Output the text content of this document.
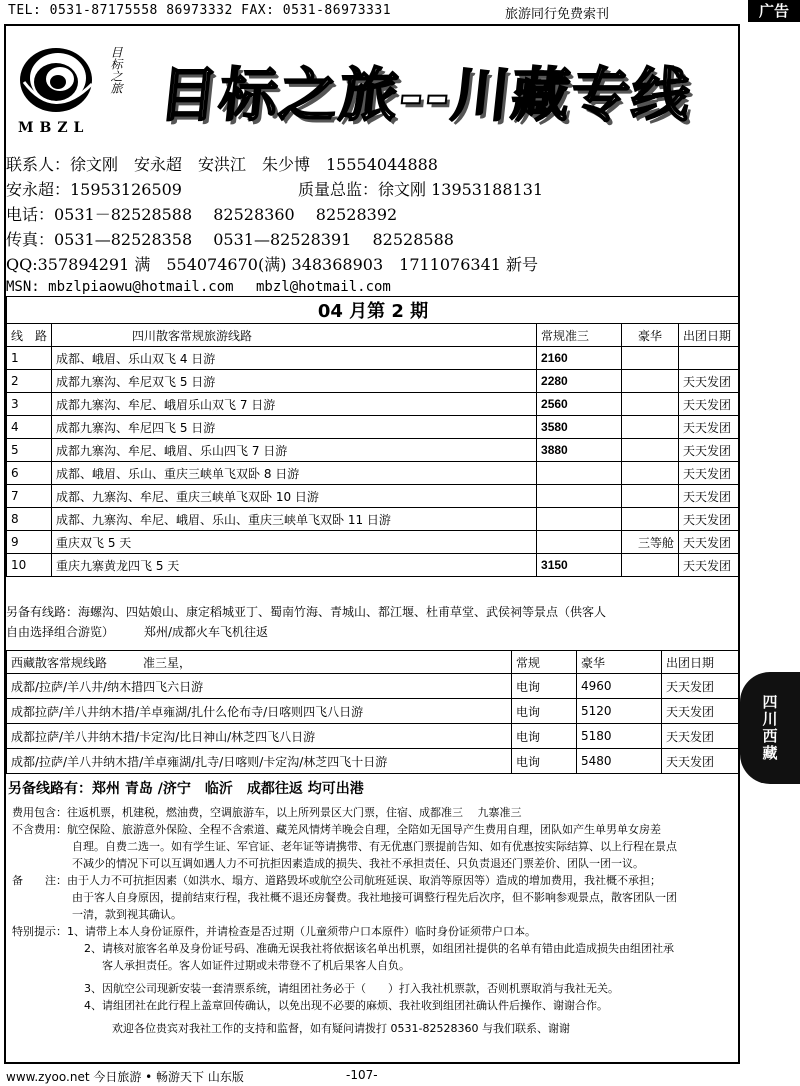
TEL: 0531-87175558 86973332 FAX: 0531-86973331	旅游同行免费索刊	广告
MBZL
目标之旅 目标之旅--川藏专线
联系人：徐文刚　安永超　安洪江　朱少博　15554044888
安永超：15953126509	质量总监：徐文刚 13953188131
电话：0531－82528588　 82528360　 82528392
传真：0531—82528358　 0531—82528391　 82528588
QQ:357894291 满　554074670(满) 348368903　1711076341 新号
MSN: mbzlpiaowu@hotmail.com　 mbzl@hotmail.com
04 月第 2 期				
线　路	四川散客常规旅游线路	常规准三	豪华	出团日期
1	成都、峨眉、乐山双飞 4 日游	2160		
2	成都九寨沟、牟尼双飞 5 日游	2280		天天发团
3	成都九寨沟、牟尼、峨眉乐山双飞 7 日游	2560		天天发团
4	成都九寨沟、牟尼四飞 5 日游	3580		天天发团
5	成都九寨沟、牟尼、峨眉、乐山四飞 7 日游	3880		天天发团
6	成都、峨眉、乐山、重庆三峡单飞双卧 8 日游			天天发团
7	成都、九寨沟、牟尼、重庆三峡单飞双卧 10 日游			天天发团
8	成都、九寨沟、牟尼、峨眉、乐山、重庆三峡单飞双卧 11 日游			天天发团
9	重庆双飞 5 天		三等舱	天天发团
10	重庆九寨黄龙四飞 5 天	3150		天天发团
另备有线路：海螺沟、四姑娘山、康定稻城亚丁、蜀南竹海、青城山、都江堰、杜甫草堂、武侯祠等景点（供客人
自由选择组合游览）　　　郑州/成都火车飞机往返
西藏散客常规线路　　　准三星，	常规	豪华	出团日期
成都/拉萨/羊八井/纳木措四飞六日游	电询	4960	天天发团
成都拉萨/羊八井纳木措/羊卓雍湖/扎什么伦布寺/日喀则四飞八日游	电询	5120	天天发团
成都拉萨/羊八井纳木措/卡定沟/比日神山/林芝四飞八日游	电询	5180	天天发团
成都/拉萨/羊八井纳木措/羊卓雍湖/扎寺/日喀则/卡定沟/林芝四飞十日游	电询	5480	天天发团
另备线路有：郑州 青岛 /济宁　临沂　成都往返 均可出港
费用包含：往返机票，机建税，燃油费，空调旅游车，以上所列景区大门票，住宿、成都准三　 九寨准三
不含费用：航空保险、旅游意外保险、全程不含索道、藏羌风情烤羊晚会自理，全陪如无国导产生费用自理，团队如产生单男单女房差
自理。自费二选一。如有学生证、军官证、老年证等请携带、有无优惠门票提前告知、如有优惠按实际结算、以上行程在景点
不减少的情况下可以互调如遇人力不可抗拒因素造成的损失、我社不承担责任、只负责退还门票差价、团队一团一议。
备　　注：由于人力不可抗拒因素（如洪水、塌方、道路毁坏或航空公司航班延误、取消等原因等）造成的增加费用，我社概不承担；
由于客人自身原因，提前结束行程，我社概不退还房餐费。我社地接可调整行程先后次序，但不影响参观景点，散客团队一团
一清，款到视其确认。
特别提示：1、请带上本人身份证原件，并请检查是否过期（儿童须带户口本原件）临时身份证须带户口本。
2、请核对旅客名单及身份证号码、准确无误我社将依据该名单出机票，如组团社提供的名单有错由此造成损失由组团社承
客人承担责任。客人如证件过期或未带登不了机后果客人自负。
3、因航空公司现新安装一套清票系统，请组团社务必于（　　）打入我社机票款，否则机票取消与我社无关。
4、请组团社在此行程上盖章回传确认，以免出现不必要的麻烦、我社收到组团社确认件后操作、谢谢合作。
欢迎各位贵宾对我社工作的支持和监督，如有疑问请拨打 0531-82528360 与我们联系、谢谢
四川西藏
www.zyoo.net 今日旅游 • 畅游天下 山东版	-107-
